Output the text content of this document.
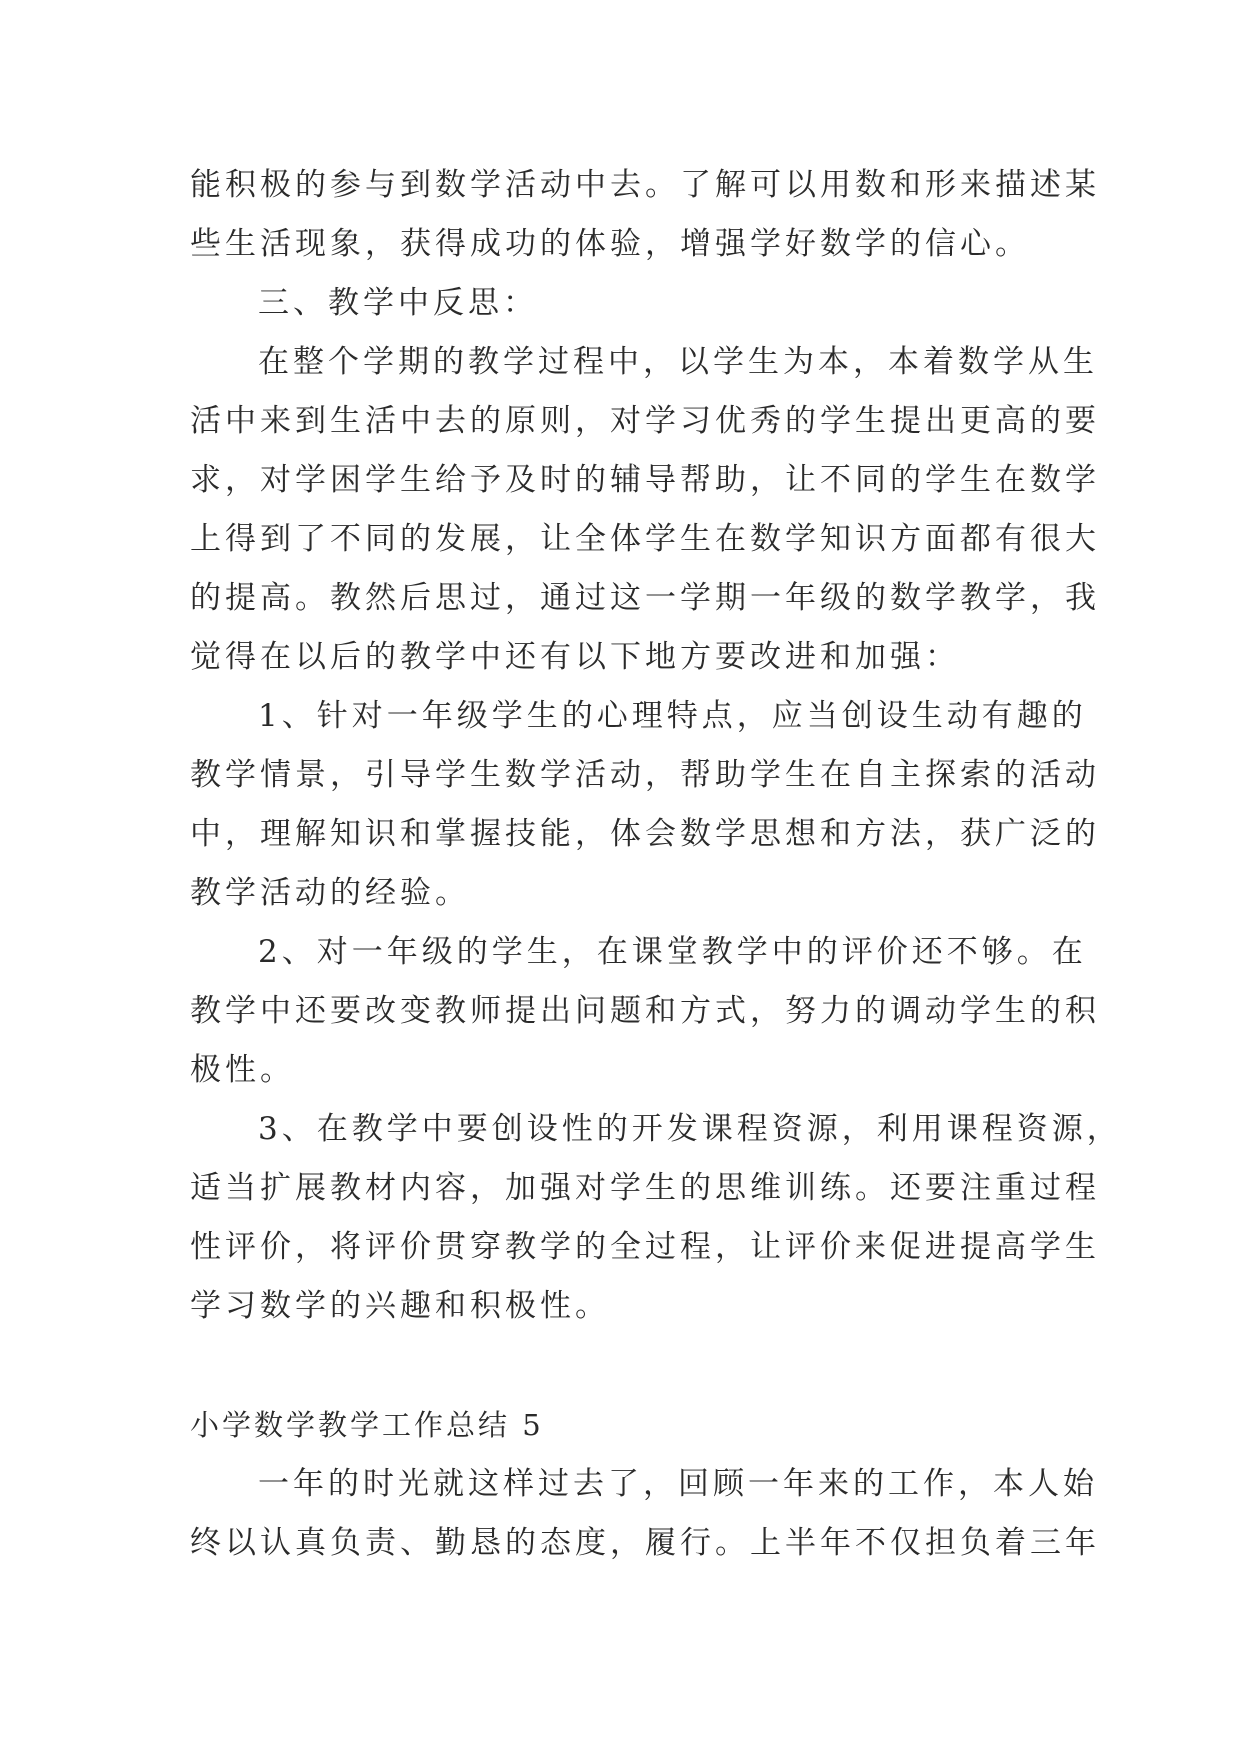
能积极的参与到数学活动中去。了解可以用数和形来描述某
些生活现象，获得成功的体验，增强学好数学的信心。
三、教学中反思：
在整个学期的教学过程中，以学生为本，本着数学从生
活中来到生活中去的原则，对学习优秀的学生提出更高的要
求，对学困学生给予及时的辅导帮助，让不同的学生在数学
上得到了不同的发展，让全体学生在数学知识方面都有很大
的提高。教然后思过，通过这一学期一年级的数学教学，我
觉得在以后的教学中还有以下地方要改进和加强：
1、针对一年级学生的心理特点，应当创设生动有趣的
教学情景，引导学生数学活动，帮助学生在自主探索的活动
中，理解知识和掌握技能，体会数学思想和方法，获广泛的
教学活动的经验。
2、对一年级的学生，在课堂教学中的评价还不够。在
教学中还要改变教师提出问题和方式，努力的调动学生的积
极性。
3、在教学中要创设性的开发课程资源，利用课程资源，
适当扩展教材内容，加强对学生的思维训练。还要注重过程
性评价，将评价贯穿教学的全过程，让评价来促进提高学生
学习数学的兴趣和积极性。
小学数学教学工作总结 5
一年的时光就这样过去了，回顾一年来的工作，本人始
终以认真负责、勤恳的态度，履行。上半年不仅担负着三年
